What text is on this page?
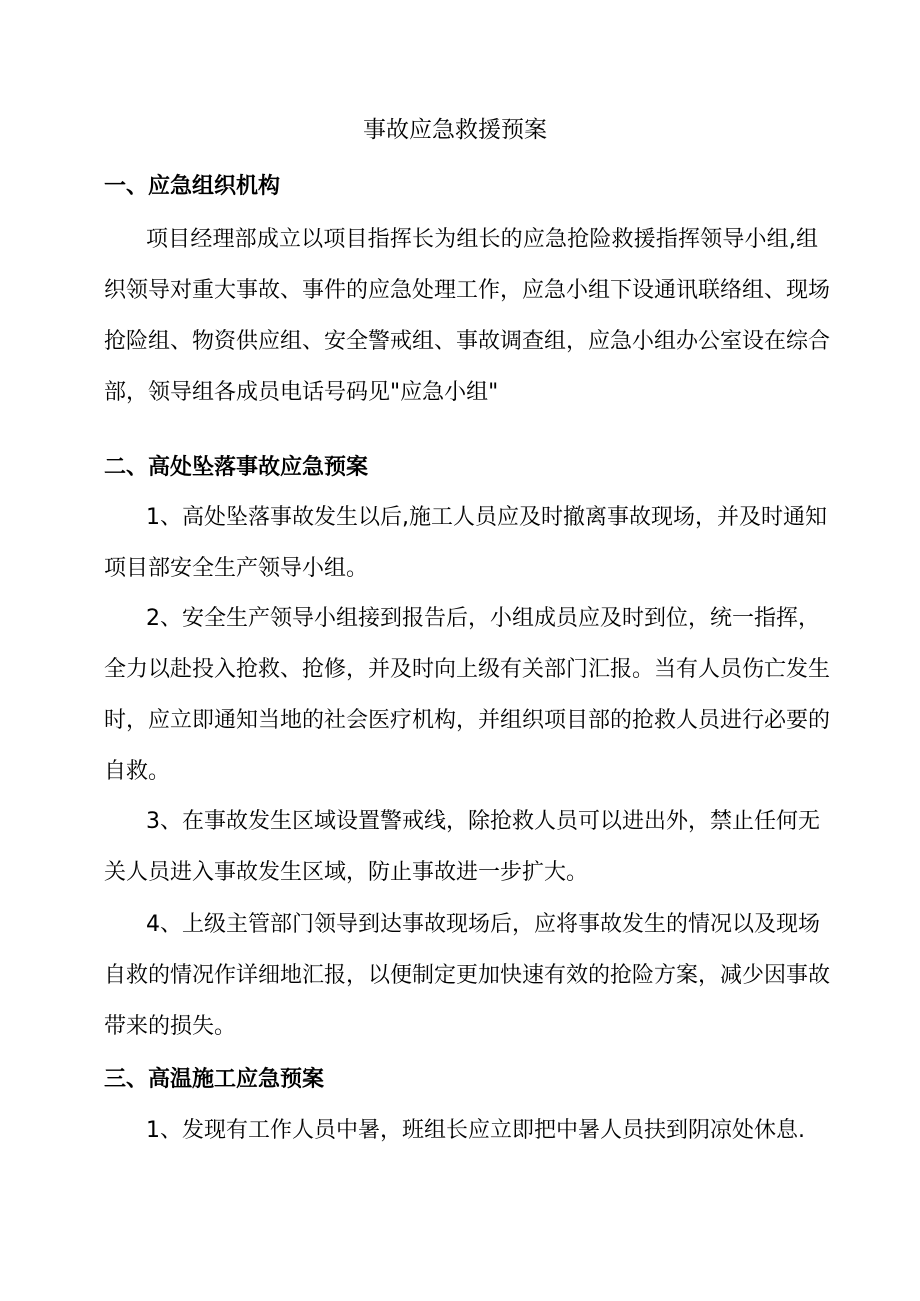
事故应急救援预案
一、应急组织机构
项目经理部成立以项目指挥长为组长的应急抢险救援指挥领导小组,组
织领导对重大事故、事件的应急处理工作，应急小组下设通讯联络组、现场
抢险组、物资供应组、安全警戒组、事故调查组，应急小组办公室设在综合
部，领导组各成员电话号码见"应急小组"
二、高处坠落事故应急预案
1、高处坠落事故发生以后,施工人员应及时撤离事故现场，并及时通知
项目部安全生产领导小组。
2、安全生产领导小组接到报告后，小组成员应及时到位，统一指挥，
全力以赴投入抢救、抢修，并及时向上级有关部门汇报。当有人员伤亡发生
时，应立即通知当地的社会医疗机构，并组织项目部的抢救人员进行必要的
自救。
3、在事故发生区域设置警戒线，除抢救人员可以进出外，禁止任何无
关人员进入事故发生区域，防止事故进一步扩大。
4、上级主管部门领导到达事故现场后，应将事故发生的情况以及现场
自救的情况作详细地汇报，以便制定更加快速有效的抢险方案，减少因事故
带来的损失。
三、高温施工应急预案
1、发现有工作人员中暑，班组长应立即把中暑人员扶到阴凉处休息.
